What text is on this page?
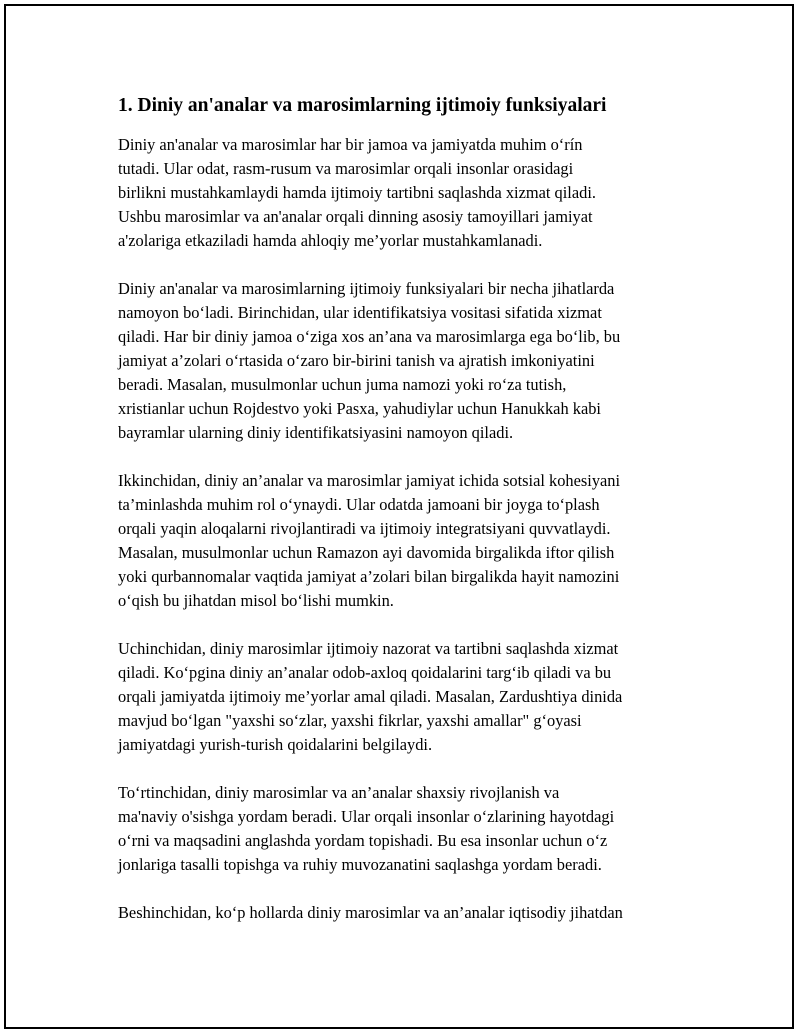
1. Diniy an'analar va marosimlarning ijtimoiy funksiyalari
Diniy an'analar va marosimlar har bir jamoa va jamiyatda muhim o‘rín
tutadi. Ular odat, rasm-rusum va marosimlar orqali insonlar orasidagi
birlikni mustahkamlaydi hamda ijtimoiy tartibni saqlashda xizmat qiladi.
Ushbu marosimlar va an'analar orqali dinning asosiy tamoyillari jamiyat
a'zolariga etkaziladi hamda ahloqiy me’yorlar mustahkamlanadi.
Diniy an'analar va marosimlarning ijtimoiy funksiyalari bir necha jihatlarda
namoyon bo‘ladi. Birinchidan, ular identifikatsiya vositasi sifatida xizmat
qiladi. Har bir diniy jamoa o‘ziga xos an’ana va marosimlarga ega bo‘lib, bu
jamiyat a’zolari o‘rtasida o‘zaro bir-birini tanish va ajratish imkoniyatini
beradi. Masalan, musulmonlar uchun juma namozi yoki ro‘za tutish,
xristianlar uchun Rojdestvo yoki Pasxa, yahudiylar uchun Hanukkah kabi
bayramlar ularning diniy identifikatsiyasini namoyon qiladi.
Ikkinchidan, diniy an’analar va marosimlar jamiyat ichida sotsial kohesiyani
ta’minlashda muhim rol o‘ynaydi. Ular odatda jamoani bir joyga to‘plash
orqali yaqin aloqalarni rivojlantiradi va ijtimoiy integratsiyani quvvatlaydi.
Masalan, musulmonlar uchun Ramazon ayi davomida birgalikda iftor qilish
yoki qurbannomalar vaqtida jamiyat a’zolari bilan birgalikda hayit namozini
o‘qish bu jihatdan misol bo‘lishi mumkin.
Uchinchidan, diniy marosimlar ijtimoiy nazorat va tartibni saqlashda xizmat
qiladi. Ko‘pgina diniy an’analar odob-axloq qoidalarini targ‘ib qiladi va bu
orqali jamiyatda ijtimoiy me’yorlar amal qiladi. Masalan, Zardushtiya dinida
mavjud bo‘lgan "yaxshi so‘zlar, yaxshi fikrlar, yaxshi amallar" g‘oyasi
jamiyatdagi yurish-turish qoidalarini belgilaydi.
To‘rtinchidan, diniy marosimlar va an’analar shaxsiy rivojlanish va
ma'naviy o'sishga yordam beradi. Ular orqali insonlar o‘zlarining hayotdagi
o‘rni va maqsadini anglashda yordam topishadi. Bu esa insonlar uchun o‘z
jonlariga tasalli topishga va ruhiy muvozanatini saqlashga yordam beradi.
Beshinchidan, ko‘p hollarda diniy marosimlar va an’analar iqtisodiy jihatdan
